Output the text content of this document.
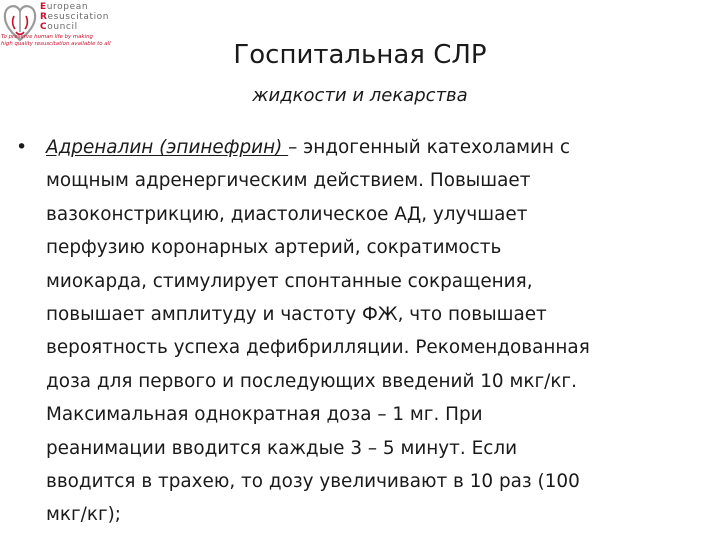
European
Resuscitation
Council
To preserve human life by making
high quality resuscitation available to all	Госпитальная СЛР
жидкости и лекарства
• Адреналин (эпинефрин) – эндогенный катехоламин с
мощным адренергическим действием. Повышает
вазоконстрикцию, диастолическое АД, улучшает
перфузию коронарных артерий, сократимость
миокарда, стимулирует спонтанные сокращения,
повышает амплитуду и частоту ФЖ, что повышает
вероятность успеха дефибрилляции. Рекомендованная
доза для первого и последующих введений 10 мкг/кг.
Максимальная однократная доза – 1 мг. При
реанимации вводится каждые 3 – 5 минут. Если
вводится в трахею, то дозу увеличивают в 10 раз (100
мкг/кг);
